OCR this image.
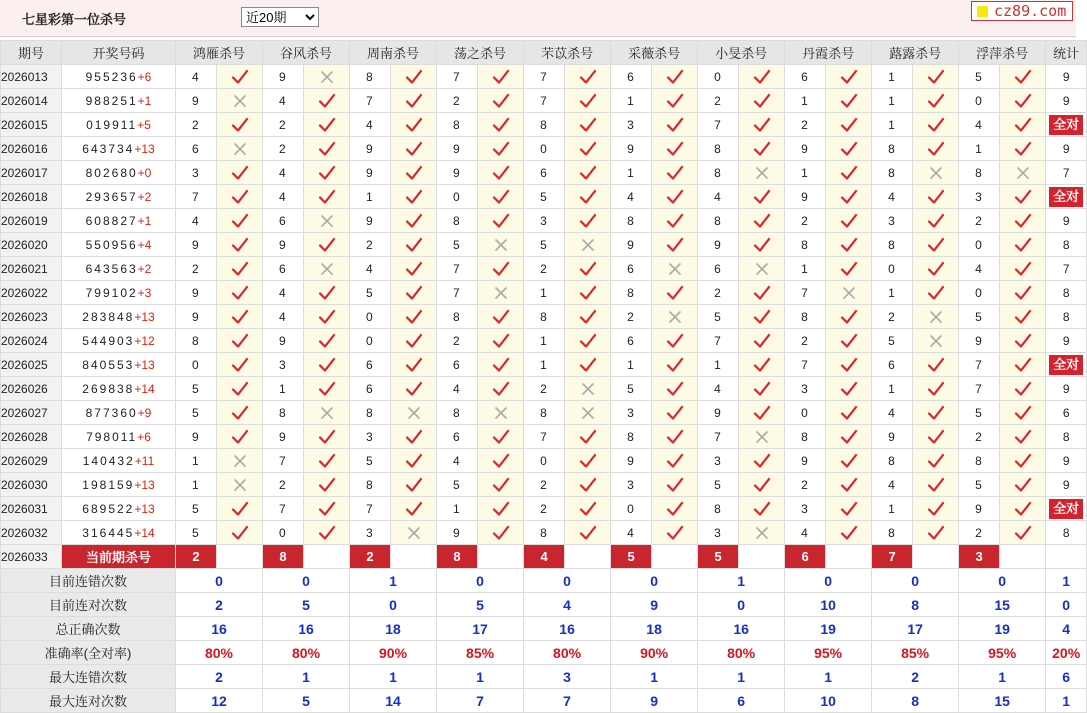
七星彩第一位杀号
近20期	cz89.com
期号	开奖号码	鸿雁杀号		谷风杀号		周南杀号		荡之杀号		芣苡杀号		采薇杀号		小旻杀号		丹霞杀号		蕗露杀号		浮萍杀号		统计
2026013	955236+6	4		9		8		7		7		6		0		6		1		5		9
2026014	988251+1	9		4		7		2		7		1		2		1		1		0		9
2026015	019911+5	2		2		4		8		8		3		7		2		1		4		全对
2026016	643734+13	6		2		9		9		0		9		8		9		8		1		9
2026017	802680+0	3		4		9		9		6		1		8		1		8		8		7
2026018	293657+2	7		4		1		0		5		4		4		9		4		3		全对
2026019	608827+1	4		6		9		8		3		8		8		2		3		2		9
2026020	550956+4	9		9		2		5		5		9		9		8		8		0		8
2026021	643563+2	2		6		4		7		2		6		6		1		0		4		7
2026022	799102+3	9		4		5		7		1		8		2		7		1		0		8
2026023	283848+13	9		4		0		8		8		2		5		8		2		5		8
2026024	544903+12	8		9		0		2		1		6		7		2		5		9		9
2026025	840553+13	0		3		6		6		1		1		1		7		6		7		全对
2026026	269838+14	5		1		6		4		2		5		4		3		1		7		9
2026027	877360+9	5		8		8		8		8		3		9		0		4		5		6
2026028	798011+6	9		9		3		6		7		8		7		8		9		2		8
2026029	140432+11	1		7		5		4		0		9		3		9		8		8		9
2026030	198159+13	1		2		8		5		2		3		5		2		4		5		9
2026031	689522+13	5		7		7		1		2		0		8		3		1		9		全对
2026032	316445+14	5		0		3		9		8		4		3		4		8		2		8
2026033	当前期杀号	2		8		2		8		4		5		5		6		7		3		
目前连错次数		0		0		1		0		0		0		1		0		0		0		1
目前连对次数		2		5		0		5		4		9		0		10		8		15		0
总正确次数		16		16		18		17		16		18		16		19		17		19		4
准确率(全对率)		80%		80%		90%		85%		80%		90%		80%		95%		85%		95%		20%
最大连错次数		2		1		1		1		3		1		1		1		2		1		6
最大连对次数		12		5		14		7		7		9		6		10		8		15		1
